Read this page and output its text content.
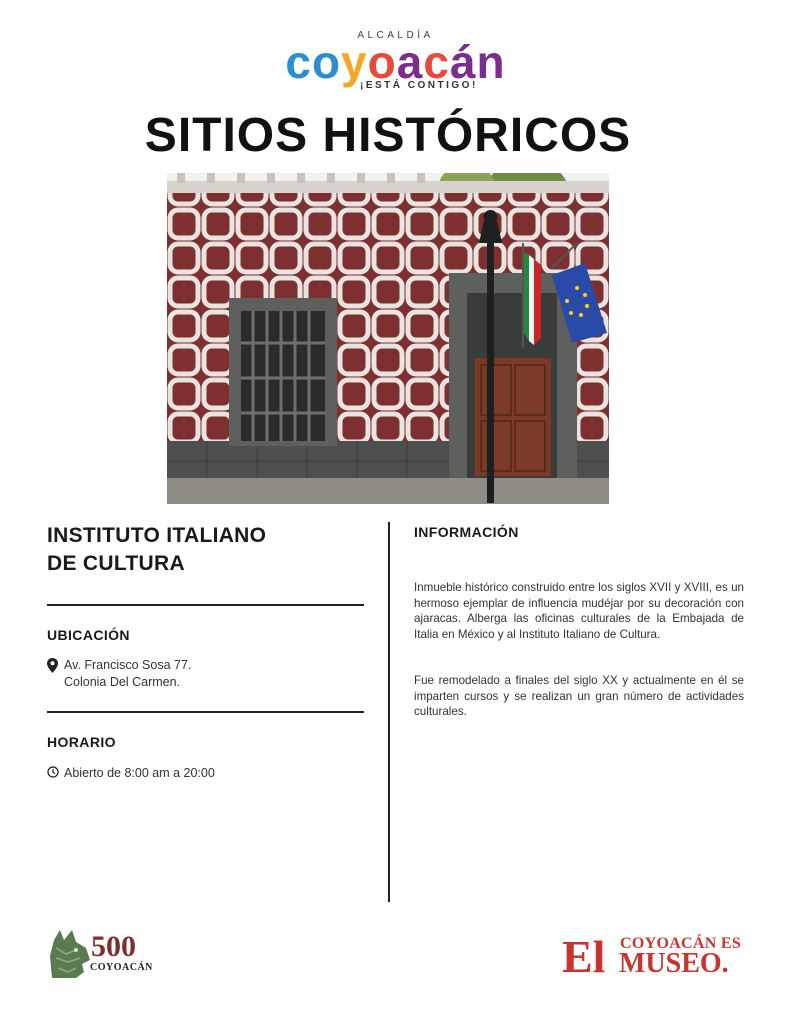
ALCALDÍA
coyoacán
¡ESTÁ CONTIGO!
SITIOS HISTÓRICOS
INSTITUTO ITALIANO
DE CULTURA
UBICACIÓN
Av. Francisco Sosa 77.
Colonia Del Carmen.
HORARIO
Abierto de 8:00 am a 20:00
INFORMACIÓN
Inmueble histórico construido entre los siglos XVII y XVIII, es un hermoso ejemplar de influencia mudéjar por su decoración con ajaracas. Alberga las oficinas culturales de la Embajada de Italia en México y al Instituto Italiano de Cultura.
Fue remodelado a finales del siglo XX y actualmente en él se imparten cursos y se realizan un gran número de actividades culturales.
500
COYOACÁN	El COYOACÁN ES
MUSEO.
